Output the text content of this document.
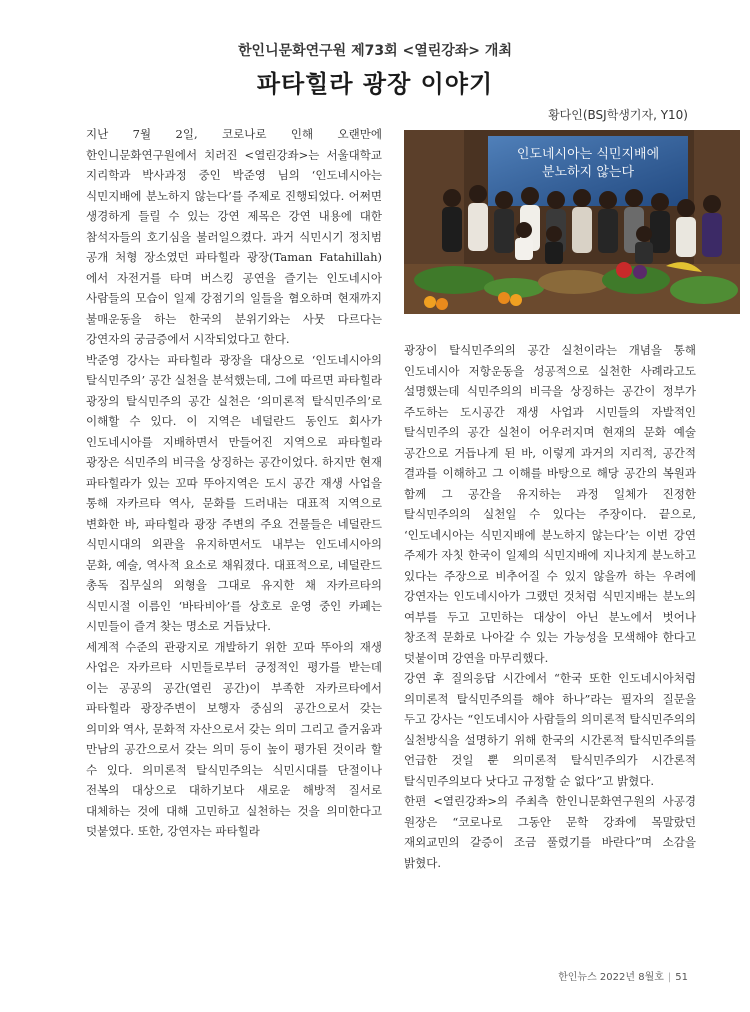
한인니문화연구원 제73회 <열린강좌> 개최
파타힐라 광장 이야기
황다인(BSJ학생기자, Y10)

지난 7월 2일, 코로나로 인해 오랜만에 한인니문화연구원에서 치러진 <열린강좌>는 서울대학교 지리학과 박사과정 중인 박준영 님의 ‘인도네시아는 식민지배에 분노하지 않는다’를 주제로 진행되었다. 어쩌면 생경하게 들릴 수 있는 강연 제목은 강연 내용에 대한 참석자들의 호기심을 불러일으켰다. 과거 식민시기 정치범 공개 처형 장소였던 파타힐라 광장(Taman Fatahillah)에서 자전거를 타며 버스킹 공연을 즐기는 인도네시아 사람들의 모습이 일제 강점기의 일들을 혐오하며 현재까지 불매운동을 하는 한국의 분위기와는 사뭇 다르다는 강연자의 궁금증에서 시작되었다고 한다.

박준영 강사는 파타힐라 광장을 대상으로 ‘인도네시아의 탈식민주의’ 공간 실천을 분석했는데, 그에 따르면 파타힐라 광장의 탈식민주의 공간 실천은 ‘의미론적 탈식민주의’로 이해할 수 있다. 이 지역은 네덜란드 동인도 회사가 인도네시아를 지배하면서 만들어진 지역으로 파타힐라 광장은 식민주의 비극을 상징하는 공간이었다. 하지만 현재 파타힐라가 있는 꼬따 뚜아지역은 도시 공간 재생 사업을 통해 자카르타 역사, 문화를 드러내는 대표적 지역으로 변화한 바, 파타힐라 광장 주변의 주요 건물들은 네덜란드 식민시대의 외관을 유지하면서도 내부는 인도네시아의 문화, 예술, 역사적 요소로 채워졌다. 대표적으로, 네덜란드 총독 집무실의 외형을 그대로 유지한 채 자카르타의 식민시절 이름인 ‘바타비아’를 상호로 운영 중인 카페는 시민들이 즐겨 찾는 명소로 거듭났다.

세계적 수준의 관광지로 개발하기 위한 꼬따 뚜아의 재생 사업은 자카르타 시민들로부터 긍정적인 평가를 받는데 이는 공공의 공간(열린 공간)이 부족한 자카르타에서 파타힐라 광장주변이 보행자 중심의 공간으로서 갖는 의미와 역사, 문화적 자산으로서 갖는 의미 그리고 즐거움과 만남의 공간으로서 갖는 의미 등이 높이 평가된 것이라 할 수 있다. 의미론적 탈식민주의는 식민시대를 단절이나 전복의 대상으로 대하기보다 새로운 해방적 질서로 대체하는 것에 대해 고민하고 실천하는 것을 의미한다고 덧붙였다. 또한, 강연자는 파타힐라

인도네시아는 식민지배에
분노하지 않는다

광장이 탈식민주의의 공간 실천이라는 개념을 통해 인도네시아 저항운동을 성공적으로 실천한 사례라고도 설명했는데 식민주의의 비극을 상징하는 공간이 정부가 주도하는 도시공간 재생 사업과 시민들의 자발적인 탈식민주의 공간 실천이 어우러지며 현재의 문화 예술 공간으로 거듭나게 된 바, 이렇게 과거의 지리적, 공간적 결과를 이해하고 그 이해를 바탕으로 해당 공간의 복원과 함께 그 공간을 유지하는 과정 일체가 진정한 탈식민주의의 실천일 수 있다는 주장이다. 끝으로, ‘인도네시아는 식민지배에 분노하지 않는다’는 이번 강연 주제가 자칫 한국이 일제의 식민지배에 지나치게 분노하고 있다는 주장으로 비추어질 수 있지 않을까 하는 우려에 강연자는 인도네시아가 그랬던 것처럼 식민지배는 분노의 여부를 두고 고민하는 대상이 아닌 분노에서 벗어나 창조적 문화로 나아갈 수 있는 가능성을 모색해야 한다고 덧붙이며 강연을 마무리했다.

강연 후 질의응답 시간에서 “한국 또한 인도네시아처럼 의미론적 탈식민주의를 해야 하나”라는 필자의 질문을 두고 강사는 “인도네시아 사람들의 의미론적 탈식민주의의 실천방식을 설명하기 위해 한국의 시간론적 탈식민주의를 언급한 것일 뿐 의미론적 탈식민주의가 시간론적 탈식민주의보다 낫다고 규정할 순 없다”고 밝혔다.

한편 <열린강좌>의 주최측 한인니문화연구원의 사공경 원장은 “코로나로 그동안 문학 강좌에 목말랐던 재외교민의 갈증이 조금 풀렸기를 바란다”며 소감을 밝혔다.

한인뉴스 2022년 8월호 | 51
